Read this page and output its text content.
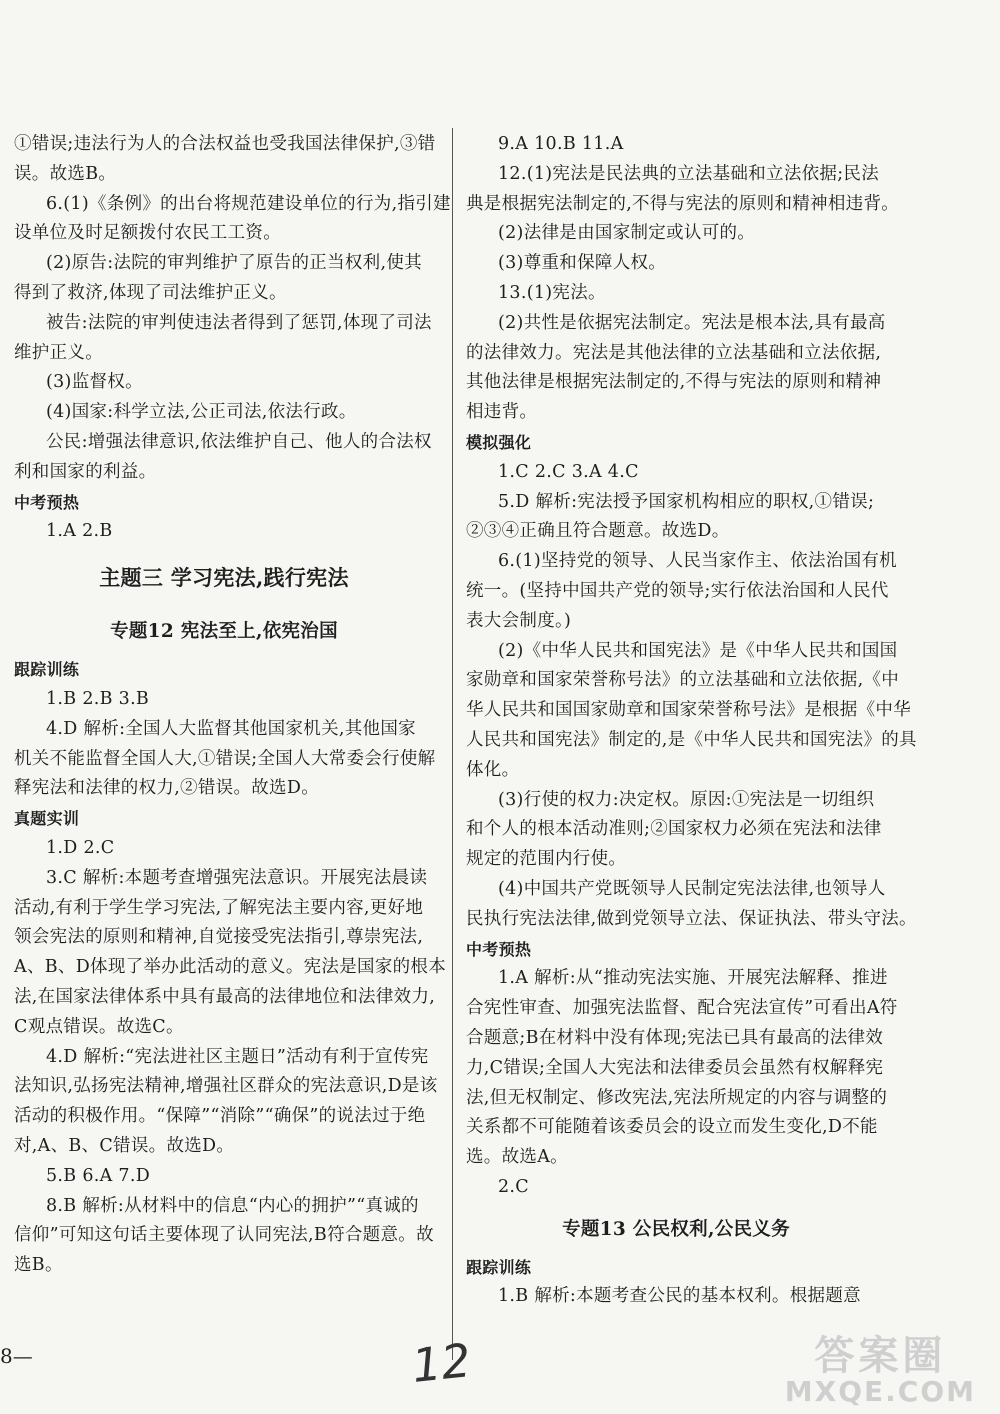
①错误;违法行为人的合法权益也受我国法律保护,③错
误。故选B。
6.(1)《条例》的出台将规范建设单位的行为,指引建
设单位及时足额拨付农民工工资。
(2)原告:法院的审判维护了原告的正当权利,使其
得到了救济,体现了司法维护正义。
被告:法院的审判使违法者得到了惩罚,体现了司法
维护正义。
(3)监督权。
(4)国家:科学立法,公正司法,依法行政。
公民:增强法律意识,依法维护自己、他人的合法权
利和国家的利益。
中考预热
1.A 2.B
主题三 学习宪法,践行宪法
专题12 宪法至上,依宪治国
跟踪训练
1.B 2.B 3.B
4.D 解析:全国人大监督其他国家机关,其他国家
机关不能监督全国人大,①错误;全国人大常委会行使解
释宪法和法律的权力,②错误。故选D。
真题实训
1.D 2.C
3.C 解析:本题考查增强宪法意识。开展宪法晨读
活动,有利于学生学习宪法,了解宪法主要内容,更好地
领会宪法的原则和精神,自觉接受宪法指引,尊崇宪法,
A、B、D体现了举办此活动的意义。宪法是国家的根本
法,在国家法律体系中具有最高的法律地位和法律效力,
C观点错误。故选C。
4.D 解析:“宪法进社区主题日”活动有利于宣传宪
法知识,弘扬宪法精神,增强社区群众的宪法意识,D是该
活动的积极作用。“保障”“消除”“确保”的说法过于绝
对,A、B、C错误。故选D。
5.B 6.A 7.D
8.B 解析:从材料中的信息“内心的拥护”“真诚的
信仰”可知这句话主要体现了认同宪法,B符合题意。故
选B。
9.A 10.B 11.A
12.(1)宪法是民法典的立法基础和立法依据;民法
典是根据宪法制定的,不得与宪法的原则和精神相违背。
(2)法律是由国家制定或认可的。
(3)尊重和保障人权。
13.(1)宪法。
(2)共性是依据宪法制定。宪法是根本法,具有最高
的法律效力。宪法是其他法律的立法基础和立法依据,
其他法律是根据宪法制定的,不得与宪法的原则和精神
相违背。
模拟强化
1.C 2.C 3.A 4.C
5.D 解析:宪法授予国家机构相应的职权,①错误;
②③④正确且符合题意。故选D。
6.(1)坚持党的领导、人民当家作主、依法治国有机
统一。(坚持中国共产党的领导;实行依法治国和人民代
表大会制度。)
(2)《中华人民共和国宪法》是《中华人民共和国国
家勋章和国家荣誉称号法》的立法基础和立法依据,《中
华人民共和国国家勋章和国家荣誉称号法》是根据《中华
人民共和国宪法》制定的,是《中华人民共和国宪法》的具
体化。
(3)行使的权力:决定权。原因:①宪法是一切组织
和个人的根本活动准则;②国家权力必须在宪法和法律
规定的范围内行使。
(4)中国共产党既领导人民制定宪法法律,也领导人
民执行宪法法律,做到党领导立法、保证执法、带头守法。
中考预热
1.A 解析:从“推动宪法实施、开展宪法解释、推进
合宪性审查、加强宪法监督、配合宪法宣传”可看出A符
合题意;B在材料中没有体现;宪法已具有最高的法律效
力,C错误;全国人大宪法和法律委员会虽然有权解释宪
法,但无权制定、修改宪法,宪法所规定的内容与调整的
关系都不可能随着该委员会的设立而发生变化,D不能
选。故选A。
2.C
专题13 公民权利,公民义务
跟踪训练
1.B 解析:本题考查公民的基本权利。根据题意
8—	12	答案圈
MXQE.COM
